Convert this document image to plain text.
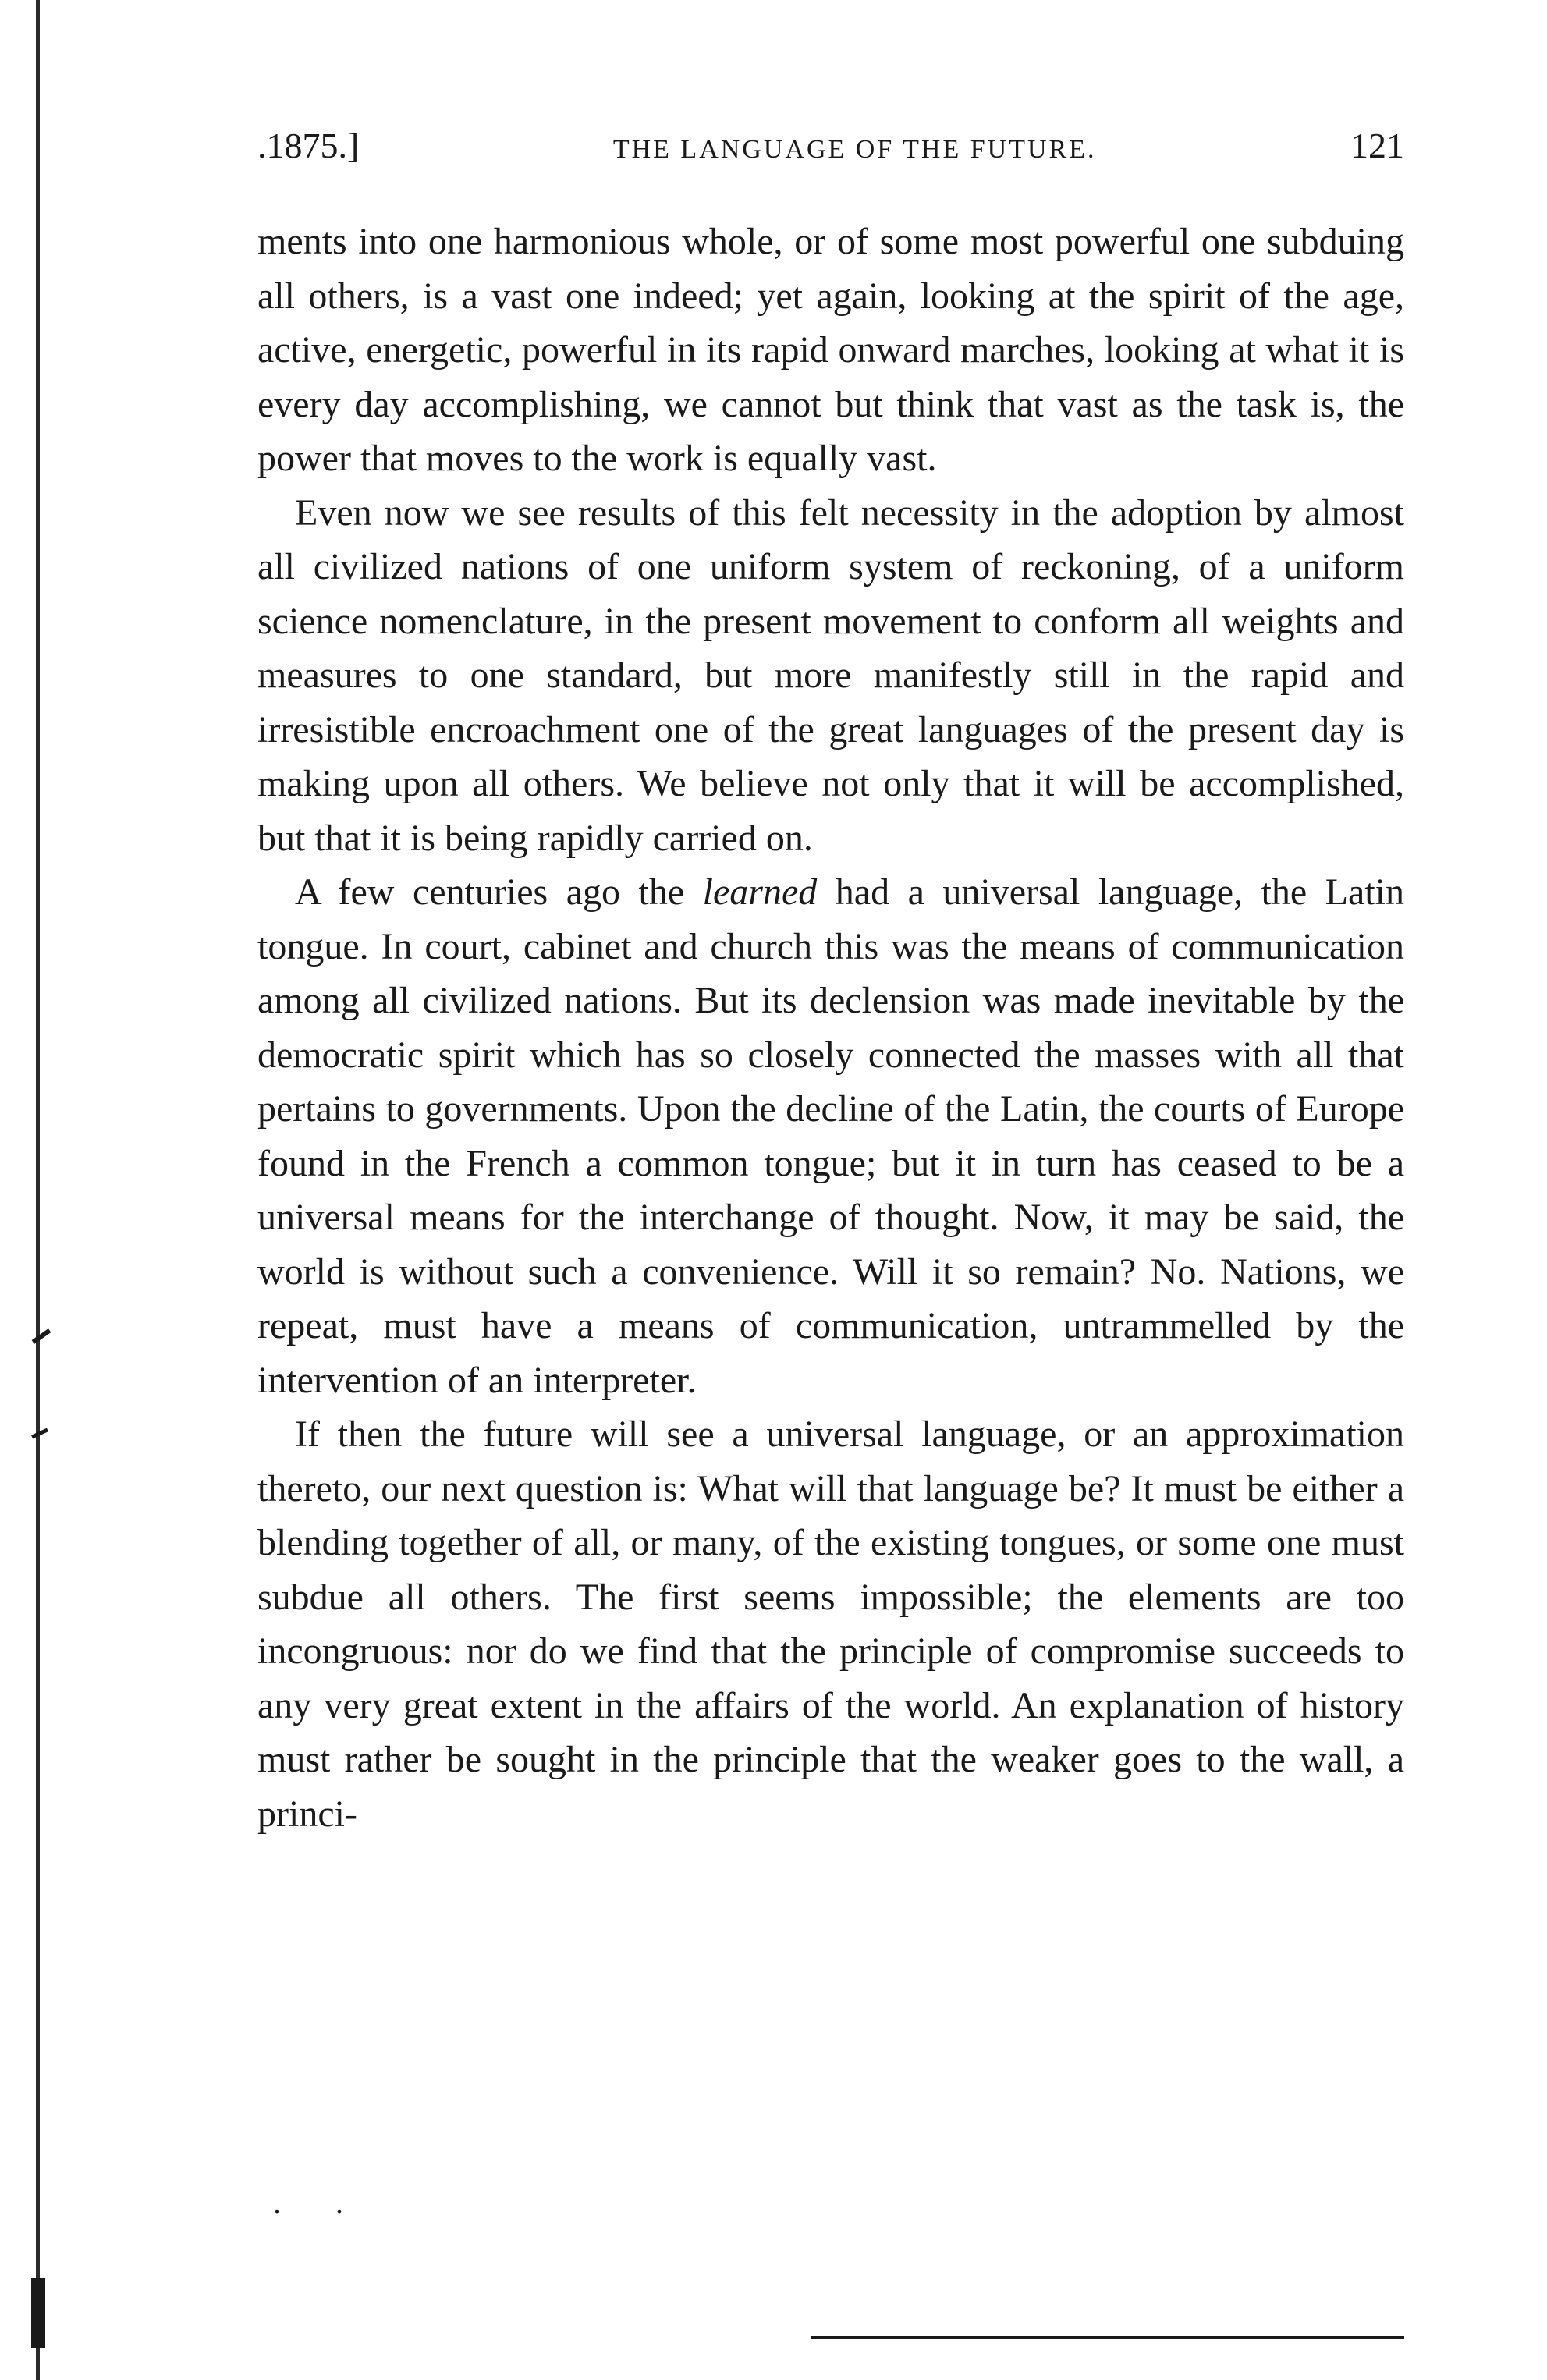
.1875.]	THE LANGUAGE OF THE FUTURE.	121

ments into one harmonious whole, or of some most powerful one subduing all others, is a vast one indeed; yet again, looking at the spirit of the age, active, energetic, powerful in its rapid onward marches, looking at what it is every day accomplishing, we cannot but think that vast as the task is, the power that moves to the work is equally vast.

Even now we see results of this felt necessity in the adoption by almost all civilized nations of one uniform system of reckoning, of a uniform science nomenclature, in the present movement to conform all weights and measures to one standard, but more manifestly still in the rapid and irresistible encroachment one of the great languages of the present day is making upon all others. We believe not only that it will be accomplished, but that it is being rapidly carried on.

A few centuries ago the learned had a universal language, the Latin tongue. In court, cabinet and church this was the means of communication among all civilized nations. But its declension was made inevitable by the democratic spirit which has so closely connected the masses with all that pertains to governments. Upon the decline of the Latin, the courts of Europe found in the French a common tongue; but it in turn has ceased to be a universal means for the interchange of thought. Now, it may be said, the world is without such a convenience. Will it so remain? No. Nations, we repeat, must have a means of communication, untrammelled by the intervention of an interpreter.

If then the future will see a universal language, or an approximation thereto, our next question is: What will that language be? It must be either a blending together of all, or many, of the existing tongues, or some one must subdue all others. The first seems impossible; the elements are too incongruous: nor do we find that the principle of compromise succeeds to any very great extent in the affairs of the world. An explanation of history must rather be sought in the principle that the weaker goes to the wall, a princi-

. .
